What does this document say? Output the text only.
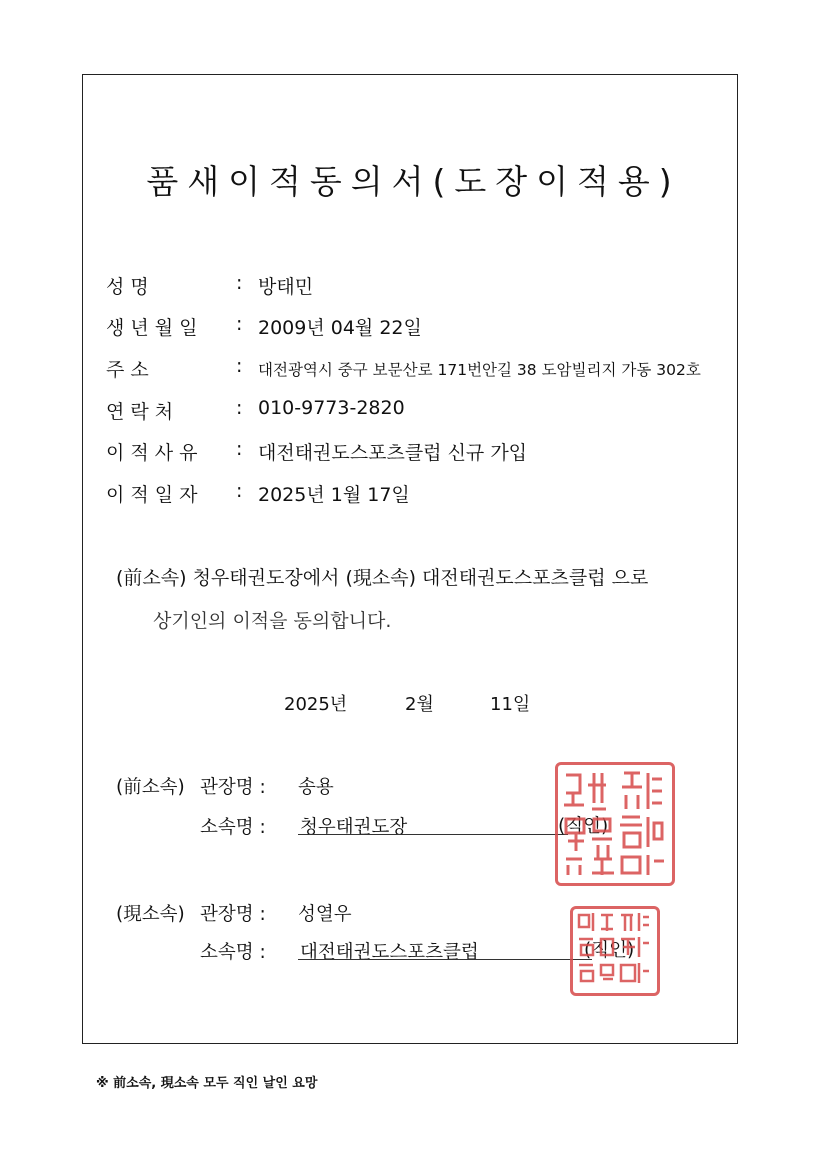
품새이적동의서(도장이적용)
성 명	: 방태민
생 년 월 일 : 2009년 04월 22일
주 소	: 대전광역시 중구 보문산로 171번안길 38 도암빌리지 가동 302호
연 락 처	: 010-9773-2820
이 적 사 유 : 대전태권도스포츠클럽 신규 가입
이 적 일 자 : 2025년 1월 17일
(前소속) 청우태권도장에서 (現소속) 대전태권도스포츠클럽 으로
상기인의 이적을 동의합니다.
2025년	2월	11일
(前소속) 관장명 : 송용
소속명 : 청우태권도장	(직인)
(現소속) 관장명 : 성열우
소속명 : 대전태권도스포츠클럽	(직인)
※ 前소속, 現소속 모두 직인 날인 요망
